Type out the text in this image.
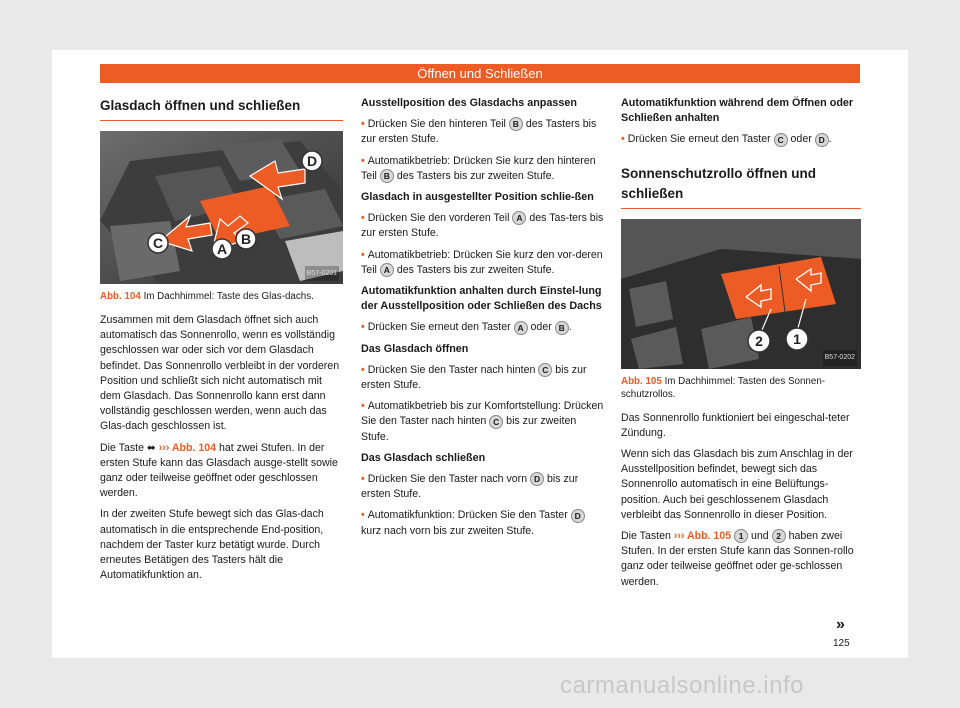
Öffnen und Schließen
Glasdach öffnen und schließen
D
C	A
B
B57-0201
Abb. 104 Im Dachhimmel: Taste des Glas-dachs.

Zusammen mit dem Glasdach öffnet sich auch automatisch das Sonnenrollo, wenn es vollständig geschlossen war oder sich vor dem Glasdach befindet. Das Sonnenrollo verbleibt in der vorderen Position und schließt sich nicht automatisch mit dem Glasdach. Das Sonnenrollo kann erst dann vollständig geschlossen werden, wenn auch das Glas-dach geschlossen ist.

Die Taste ⬌ ››› Abb. 104 hat zwei Stufen. In der ersten Stufe kann das Glasdach ausge-stellt sowie ganz oder teilweise geöffnet oder geschlossen werden.

In der zweiten Stufe bewegt sich das Glas-dach automatisch in die entsprechende End-position, nachdem der Taster kurz betätigt wurde. Durch erneutes Betätigen des Tasters hält die Automatikfunktion an.

Ausstellposition des Glasdachs anpassen
• Drücken Sie den hinteren Teil B des Tasters bis zur ersten Stufe.
• Automatikbetrieb: Drücken Sie kurz den hinteren Teil B des Tasters bis zur zweiten Stufe.
Glasdach in ausgestellter Position schlie-ßen
• Drücken Sie den vorderen Teil A des Tas-ters bis zur ersten Stufe.
• Automatikbetrieb: Drücken Sie kurz den vor-deren Teil A des Tasters bis zur zweiten Stufe.
Automatikfunktion anhalten durch Einstel-lung der Ausstellposition oder Schließen des Dachs
• Drücken Sie erneut den Taster A oder B .
Das Glasdach öffnen
• Drücken Sie den Taster nach hinten C bis zur ersten Stufe.
• Automatikbetrieb bis zur Komfortstellung: Drücken Sie den Taster nach hinten C bis zur zweiten Stufe.
Das Glasdach schließen
• Drücken Sie den Taster nach vorn D bis zur ersten Stufe.
• Automatikfunktion: Drücken Sie den Taster D kurz nach vorn bis zur zweiten Stufe.
Automatikfunktion während dem Öffnen oder Schließen anhalten
• Drücken Sie erneut den Taster C oder D .
Sonnenschutzrollo öffnen und schließen
2 1
B57-0202
Abb. 105 Im Dachhimmel: Tasten des Sonnen-schutzrollos.

Das Sonnenrollo funktioniert bei eingeschal-teter Zündung.

Wenn sich das Glasdach bis zum Anschlag in der Ausstellposition befindet, bewegt sich das Sonnenrollo automatisch in eine Belüftungs-position. Auch bei geschlossenem Glasdach verbleibt das Sonnenrollo in dieser Position.

Die Tasten ››› Abb. 105 1 und 2 haben zwei Stufen. In der ersten Stufe kann das Sonnen-rollo ganz oder teilweise geöffnet oder ge-schlossen werden.

»
125
carmanualsonline.info
